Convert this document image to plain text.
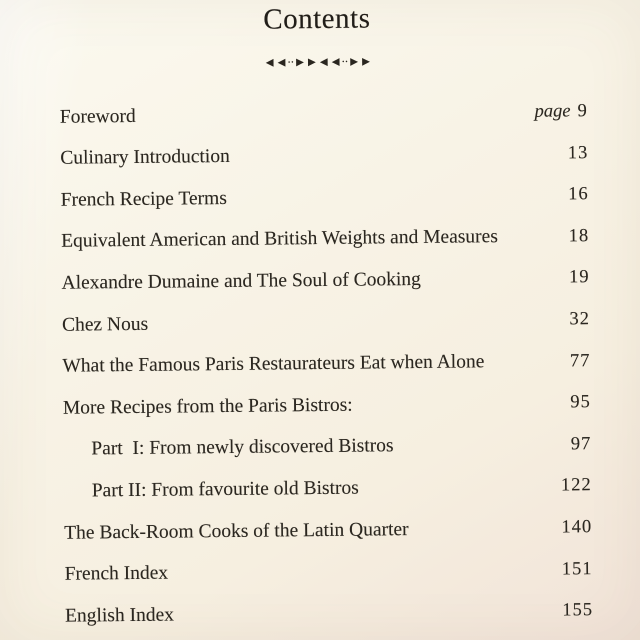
Contents
◄◄··►►◄◄··►►
Foreword	page 9
Culinary Introduction	13
French Recipe Terms	16
Equivalent American and British Weights and Measures	18
Alexandre Dumaine and The Soul of Cooking	19
Chez Nous	32
What the Famous Paris Restaurateurs Eat when Alone	77
More Recipes from the Paris Bistros:	95
Part  I: From newly discovered Bistros	97
Part II: From favourite old Bistros	122
The Back-Room Cooks of the Latin Quarter	140
French Index	151
English Index	155
